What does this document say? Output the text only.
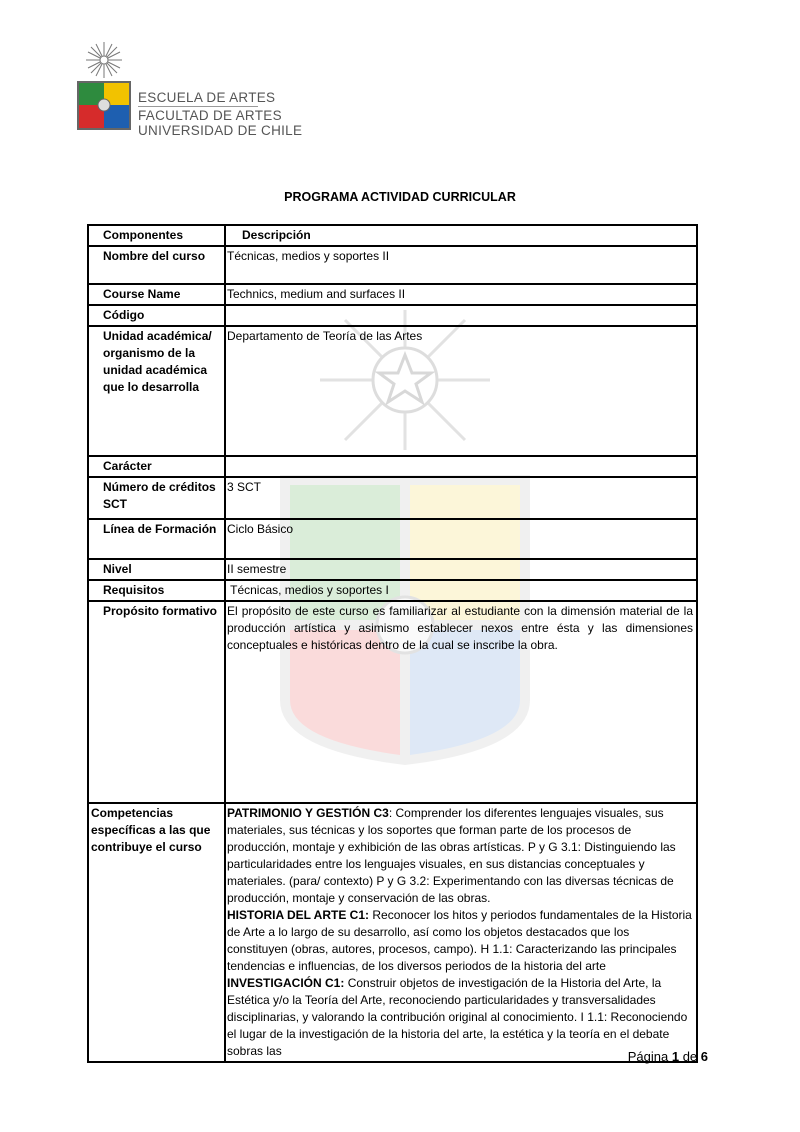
ESCUELA DE ARTES
FACULTAD DE ARTES
UNIVERSIDAD DE CHILE
PROGRAMA ACTIVIDAD CURRICULAR
Componentes	Descripción
Nombre del curso	Técnicas, medios y soportes II
Course Name	Technics, medium and surfaces II
Código	
Unidad académica/ organismo de la unidad académica que lo desarrolla	Departamento de Teoría de las Artes
Carácter	
Número de créditos SCT	3 SCT
Línea de Formación	Ciclo Básico
Nivel	II semestre
Requisitos	Técnicas, medios y soportes I
Propósito formativo	El propósito de este curso es familiarizar al estudiante con la dimensión material de la producción artística y asimismo establecer nexos entre ésta y las dimensiones conceptuales e históricas dentro de la cual se inscribe la obra.
Competencias específicas a las que contribuye el curso	PATRIMONIO Y GESTIÓN C3: Comprender los diferentes lenguajes visuales, sus materiales, sus técnicas y los soportes que forman parte de los procesos de producción, montaje y exhibición de las obras artísticas. P y G 3.1: Distinguiendo las particularidades entre los lenguajes visuales, en sus distancias conceptuales y materiales. (para/ contexto) P y G 3.2: Experimentando con las diversas técnicas de producción, montaje y conservación de las obras.
HISTORIA DEL ARTE C1: Reconocer los hitos y periodos fundamentales de la Historia de Arte a lo largo de su desarrollo, así como los objetos destacados que los constituyen (obras, autores, procesos, campo). H 1.1: Caracterizando las principales tendencias e influencias, de los diversos periodos de la historia del arte
INVESTIGACIÓN C1: Construir objetos de investigación de la Historia del Arte, la Estética y/o la Teoría del Arte, reconociendo particularidades y transversalidades disciplinarias, y valorando la contribución original al conocimiento. I 1.1: Reconociendo el lugar de la investigación de la historia del arte, la estética y la teoría en el debate sobras las	Página 1 de 6
